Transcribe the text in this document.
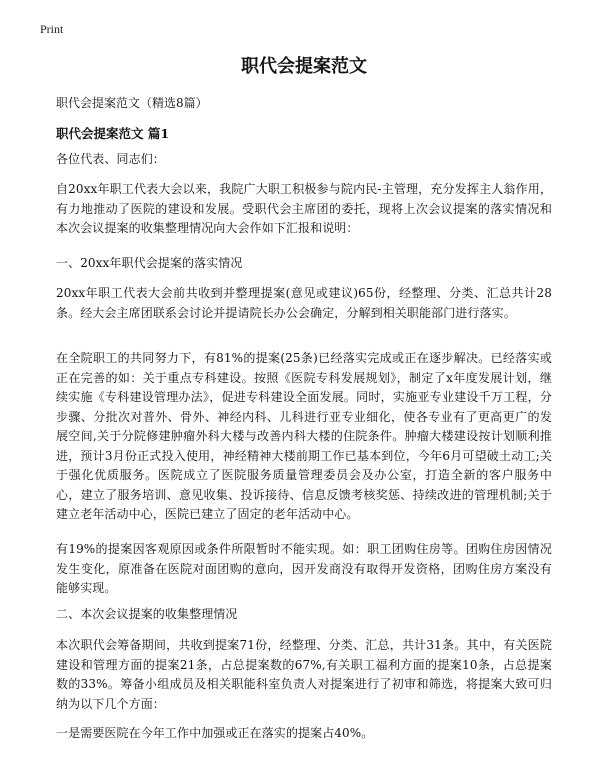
Print
职代会提案范文

职代会提案范文（精选8篇）

职代会提案范文 篇1

各位代表、同志们：

自20xx年职工代表大会以来，我院广大职工积极参与院内民-主管理，充分发挥主人翁作用，有力地推动了医院的建设和发展。受职代会主席团的委托，现将上次会议提案的落实情况和本次会议提案的收集整理情况向大会作如下汇报和说明：

一、20xx年职代会提案的落实情况

20xx年职工代表大会前共收到并整理提案(意见或建议)65份，经整理、分类、汇总共计28条。经大会主席团联系会讨论并提请院长办公会确定，分解到相关职能部门进行落实。

在全院职工的共同努力下，有81%的提案(25条)已经落实完成或正在逐步解决。已经落实或正在完善的如：关于重点专科建设。按照《医院专科发展规划》，制定了x年度发展计划，继续实施《专科建设管理办法》，促进专科建设全面发展。同时，实施亚专业建设千万工程，分步骤、分批次对普外、骨外、神经内科、儿科进行亚专业细化，使各专业有了更高更广的发展空间,关于分院修建肿瘤外科大楼与改善内科大楼的住院条件。肿瘤大楼建设按计划顺利推进，预计3月份正式投入使用，神经精神大楼前期工作已基本到位，今年6月可望破土动工;关于强化优质服务。医院成立了医院服务质量管理委员会及办公室，打造全新的客户服务中心，建立了服务培训、意见收集、投诉接待、信息反馈考核奖惩、持续改进的管理机制;关于建立老年活动中心，医院已建立了固定的老年活动中心。

有19%的提案因客观原因或条件所限暂时不能实现。如：职工团购住房等。团购住房因情况发生变化，原准备在医院对面团购的意向，因开发商没有取得开发资格，团购住房方案没有能够实现。

二、本次会议提案的收集整理情况

本次职代会筹备期间，共收到提案71份，经整理、分类、汇总，共计31条。其中，有关医院建设和管理方面的提案21条，占总提案数的67%,有关职工福利方面的提案10条，占总提案数的33%。筹备小组成员及相关职能科室负责人对提案进行了初审和筛选，将提案大致可归纳为以下几个方面：

一是需要医院在今年工作中加强或正在落实的提案占40%。
